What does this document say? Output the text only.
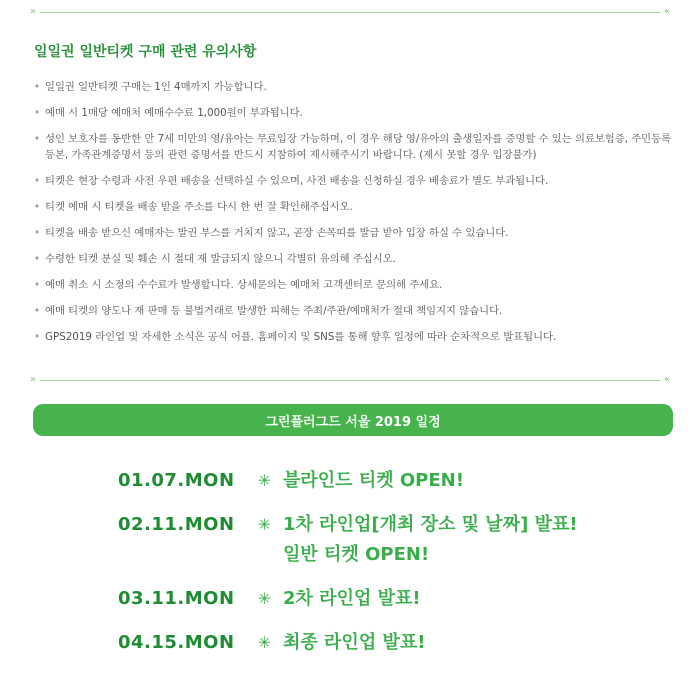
»	«
일일권 일반티켓 구매 관련 유의사항
• 일일권 일반티켓 구매는 1인 4매까지 가능합니다.
• 예매 시 1매당 예매처 예매수수료 1,000원이 부과됩니다.
• 성인 보호자를 동반한 만 7세 미만의 영/유아는 무료입장 가능하며, 이 경우 해당 영/유아의 출생일자를 증명할 수 있는 의료보험증, 주민등록등본, 가족관계증명서 등의 관련 증명서를 반드시 지참하여 제시해주시기 바랍니다. (제시 못할 경우 입장불가)
• 티켓은 현장 수령과 사전 우편 배송을 선택하실 수 있으며, 사전 배송을 신청하실 경우 배송료가 별도 부과됩니다.
• 티켓 예매 시 티켓을 배송 받을 주소를 다시 한 번 잘 확인해주십시오.
• 티켓을 배송 받으신 예매자는 발권 부스를 거치지 않고, 곧장 손목띠를 발급 받아 입장 하실 수 있습니다.
• 수령한 티켓 분실 및 훼손 시 절대 재 발급되지 않으니 각별히 유의해 주십시오.
• 예매 취소 시 소정의 수수료가 발생합니다. 상세문의는 예매처 고객센터로 문의해 주세요.
• 예매 티켓의 양도나 재 판매 등 불법거래로 발생한 피해는 주최/주관/예매처가 절대 책임지지 않습니다.
• GPS2019 라인업 및 자세한 소식은 공식 어플. 홈페이지 및 SNS를 통해 향후 일정에 따라 순차적으로 발표됩니다.
»	«
그린플러그드 서울 2019 일정
01.07.MON	✳ 블라인드 티켓 OPEN!
02.11.MON	✳ 1차 라인업[개최 장소 및 날짜] 발표!
일반 티켓 OPEN!
03.11.MON	✳ 2차 라인업 발표!
04.15.MON	✳ 최종 라인업 발표!
